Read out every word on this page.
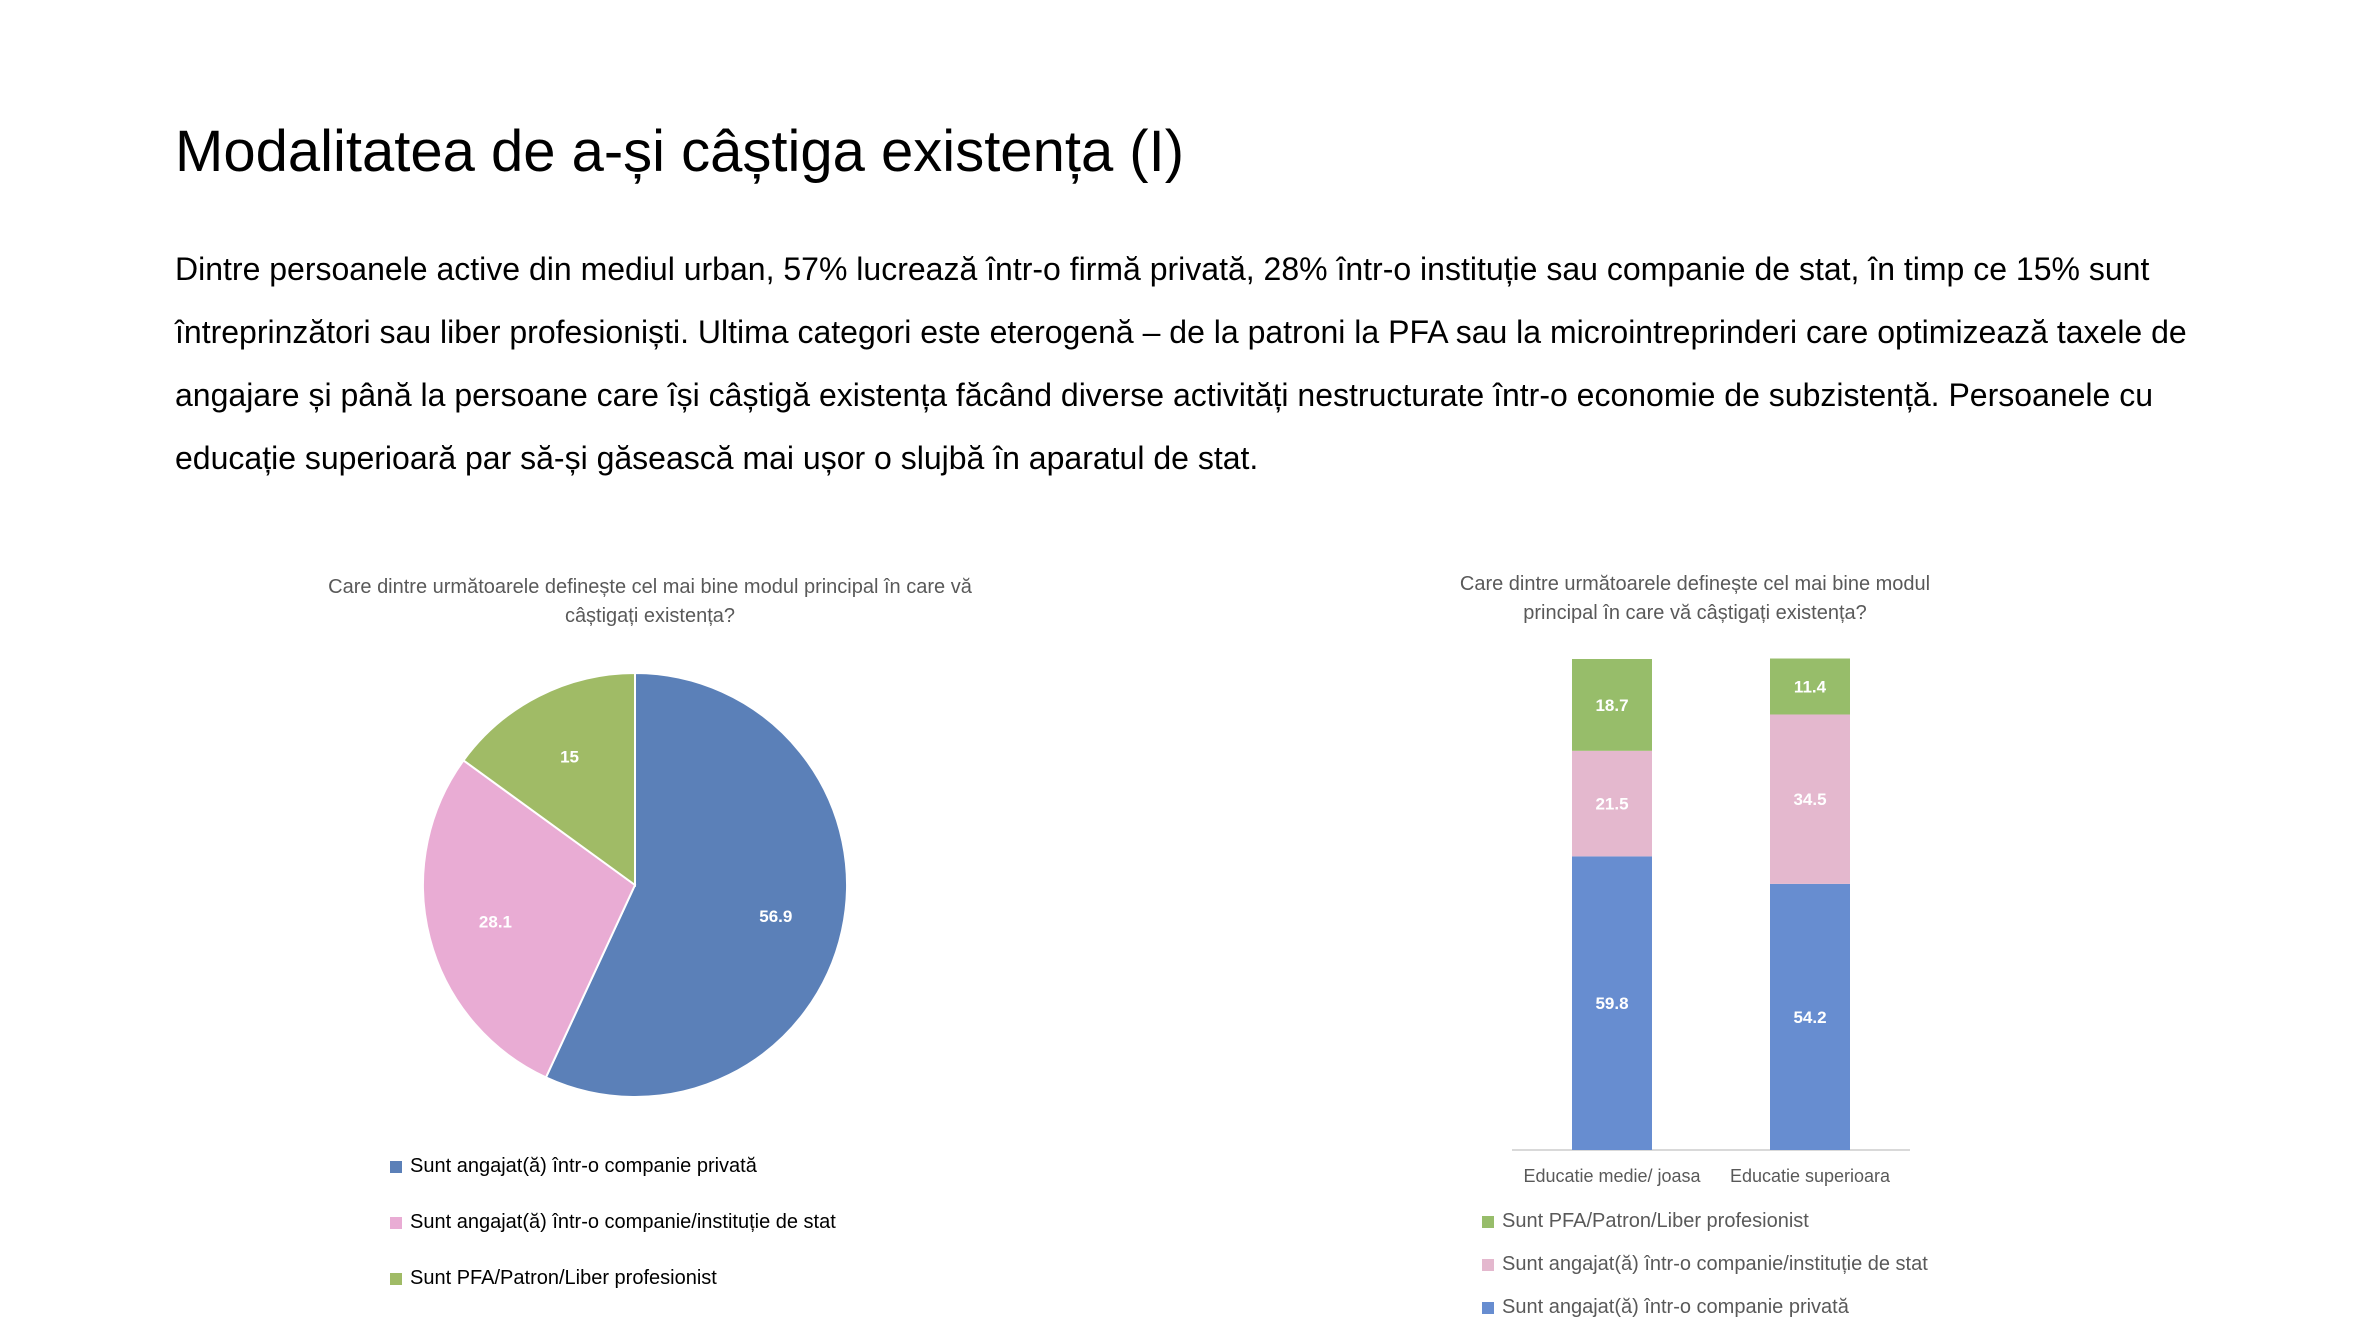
Modalitatea de a-și câștiga existența (I)

Dintre persoanele active din mediul urban, 57% lucrează într-o firmă privată, 28% într-o instituție sau companie de stat, în timp ce 15% sunt întreprinzători sau liber profesioniști. Ultima categori este eterogenă – de la patroni la PFA sau la microintreprinderi care optimizează taxele de angajare și până la persoane care își câștigă existența făcând diverse activități nestructurate într-o economie de subzistență. Persoanele cu educație superioară par să-și găsească mai ușor o slujbă în aparatul de stat.

Care dintre următoarele definește cel mai bine modul principal în care vă câștigați existența?
Care dintre următoarele definește cel mai bine modul principal în care vă câștigați existența?
56.9
28.1
15
59.8
21.5
18.7
Educatie medie/ joasa
54.2
34.5
11.4
Educatie superioara
Sunt angajat(ă) într-o companie privată
Sunt angajat(ă) într-o companie/instituție de stat
Sunt PFA/Patron/Liber profesionist
Sunt PFA/Patron/Liber profesionist
Sunt angajat(ă) într-o companie/instituție de stat
Sunt angajat(ă) într-o companie privată
